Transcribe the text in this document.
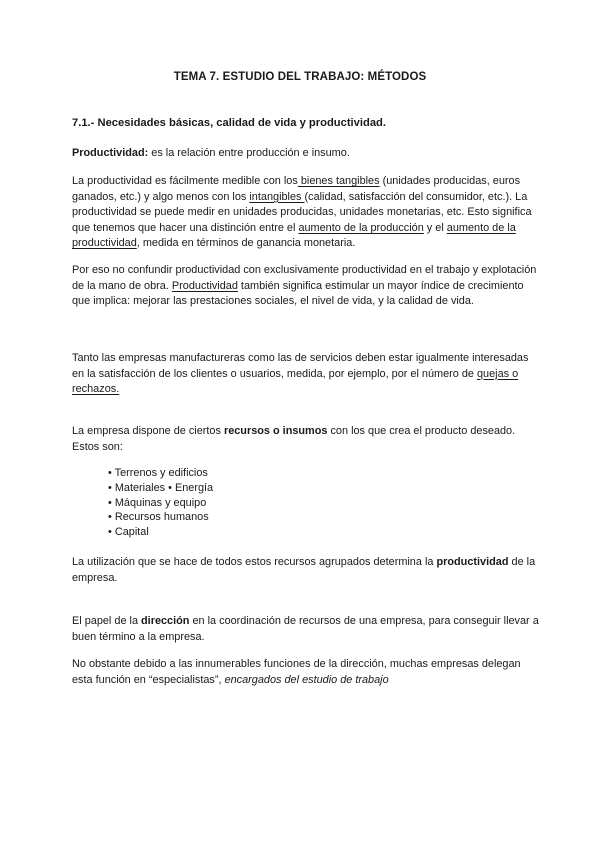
TEMA 7. ESTUDIO DEL TRABAJO: MÉTODOS
7.1.- Necesidades básicas, calidad de vida y productividad.
Productividad: es la relación entre producción e insumo.
La productividad es fácilmente medible con los bienes tangibles (unidades producidas, euros ganados, etc.) y algo menos con los intangibles (calidad, satisfacción del consumidor, etc.). La productividad se puede medir en unidades producidas, unidades monetarias, etc. Esto significa que tenemos que hacer una distinción entre el aumento de la producción y el aumento de la productividad, medida en términos de ganancia monetaria.
Por eso no confundir productividad con exclusivamente productividad en el trabajo y explotación de la mano de obra. Productividad también significa estimular un mayor índice de crecimiento que implica: mejorar las prestaciones sociales, el nivel de vida, y la calidad de vida.
Tanto las empresas manufactureras como las de servicios deben estar igualmente interesadas en la satisfacción de los clientes o usuarios, medida, por ejemplo, por el número de quejas o rechazos.
La empresa dispone de ciertos recursos o insumos con los que crea el producto deseado. Estos son:
• Terrenos y edificios
• Materiales • Energía
• Máquinas y equipo
• Recursos humanos
• Capital
La utilización que se hace de todos estos recursos agrupados determina la productividad de la empresa.
El papel de la dirección en la coordinación de recursos de una empresa, para conseguir llevar a buen término a la empresa.
No obstante debido a las innumerables funciones de la dirección, muchas empresas delegan esta función en “especialistas”, encargados del estudio de trabajo
